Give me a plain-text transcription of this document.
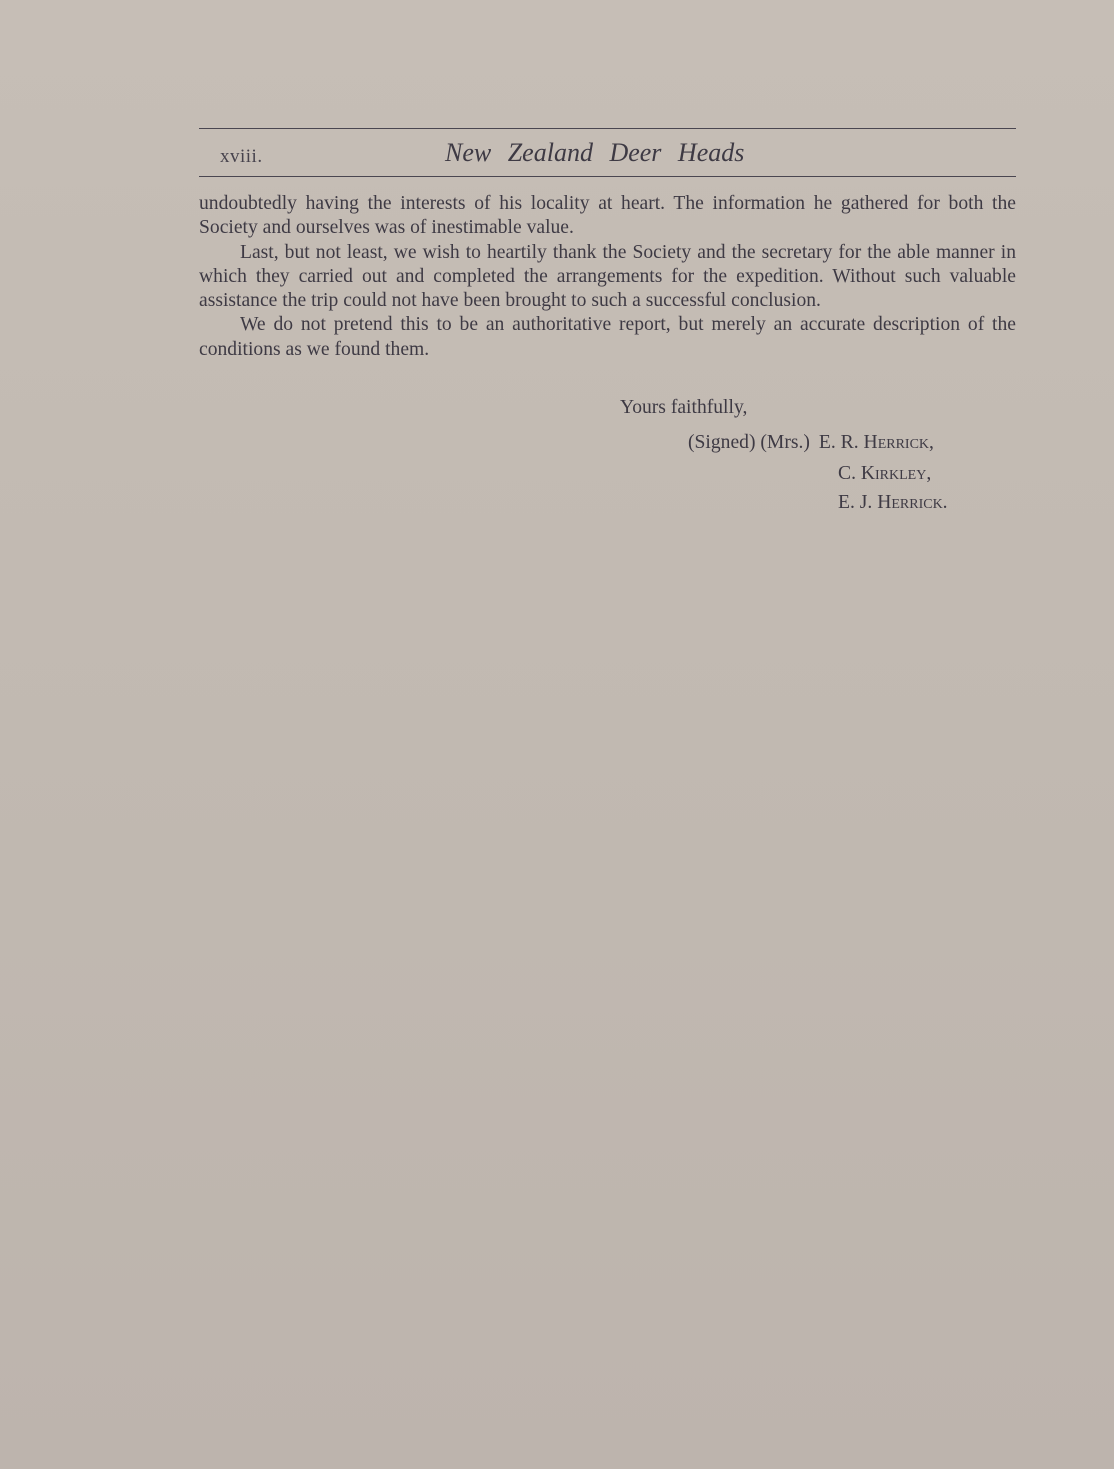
xviii.	New Zealand Deer Heads

undoubtedly having the interests of his locality at heart. The information he gathered for both the Society and ourselves was of inestimable value.

Last, but not least, we wish to heartily thank the Society and the secretary for the able manner in which they carried out and completed the arrangements for the expedition. Without such valuable assistance the trip could not have been brought to such a successful conclusion.

We do not pretend this to be an authoritative report, but merely an accurate description of the conditions as we found them.

Yours faithfully,
(Signed) (Mrs.) E. R. Herrick,
C. Kirkley,
E. J. Herrick.
